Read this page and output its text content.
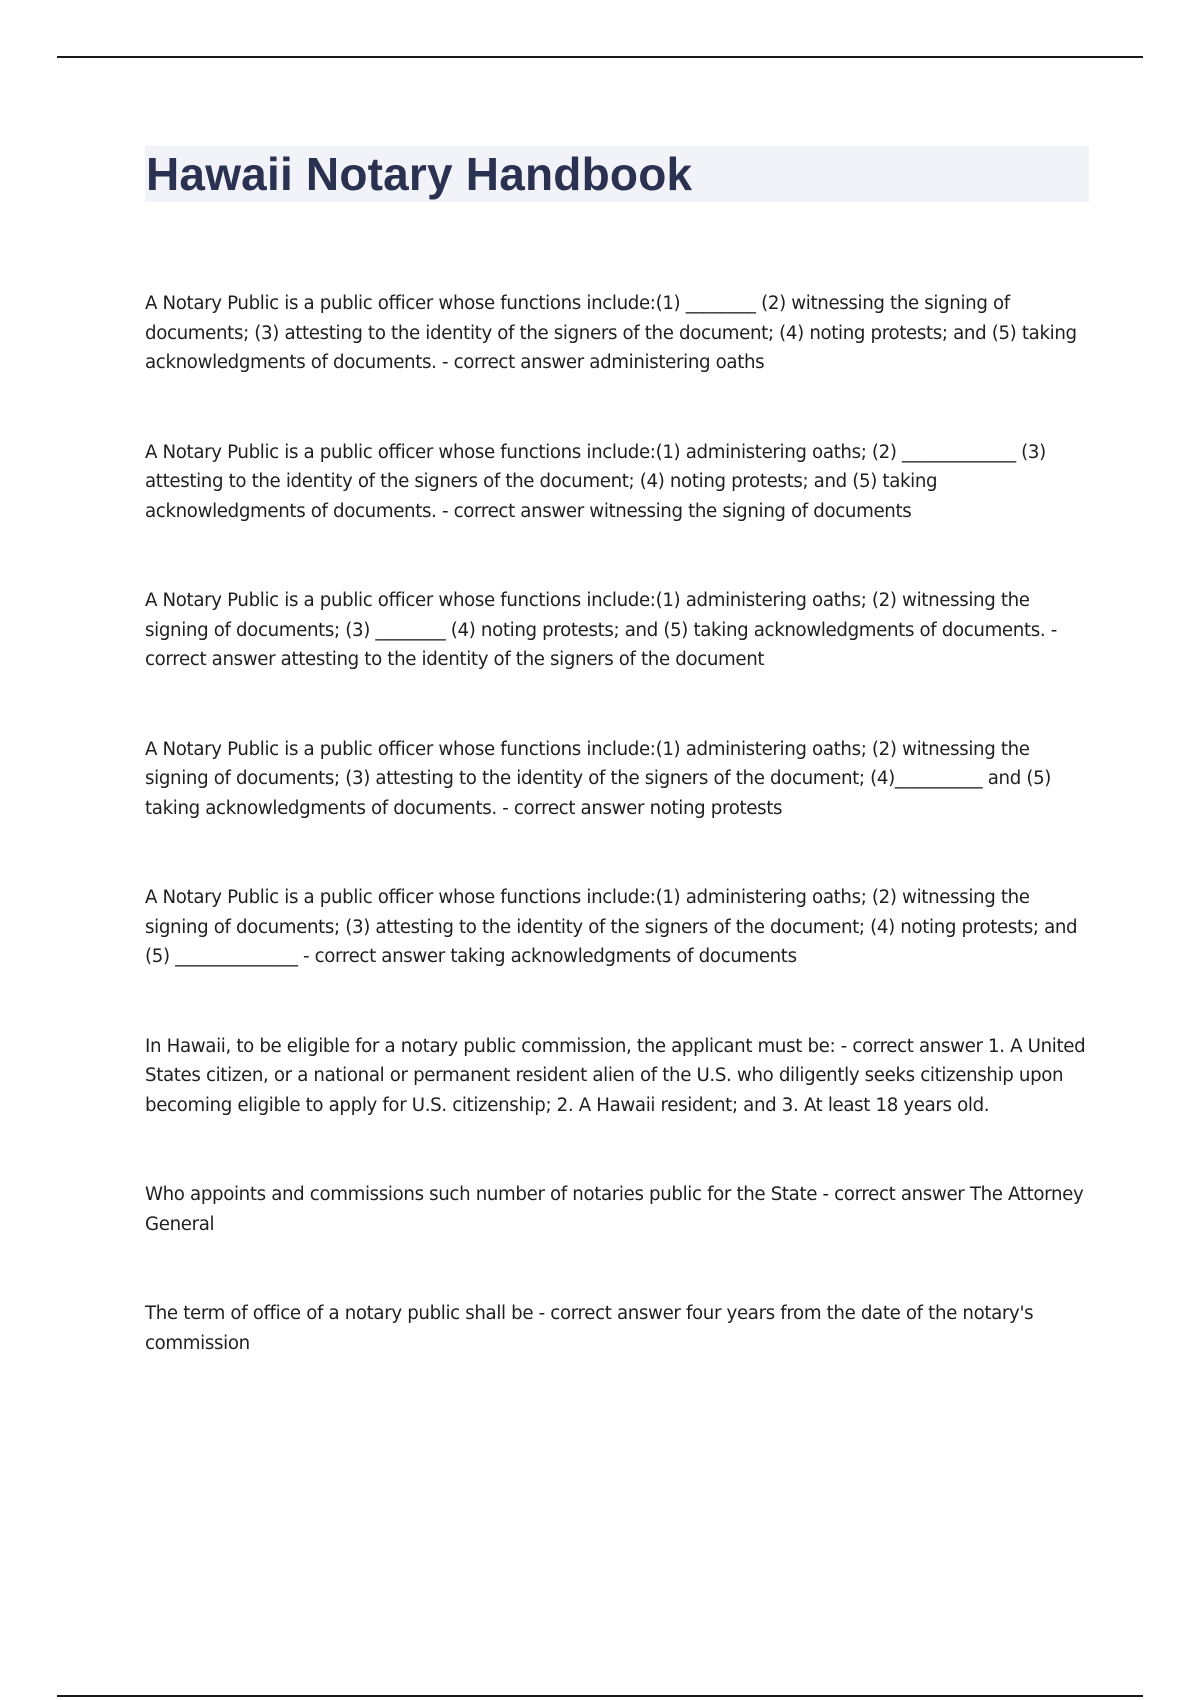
Hawaii Notary Handbook

A Notary Public is a public officer whose functions include:(1) ________ (2) witnessing the signing of documents; (3) attesting to the identity of the signers of the document; (4) noting protests; and (5) taking acknowledgments of documents. - correct answer administering oaths

A Notary Public is a public officer whose functions include:(1) administering oaths; (2) _____________ (3) attesting to the identity of the signers of the document; (4) noting protests; and (5) taking acknowledgments of documents. - correct answer witnessing the signing of documents

A Notary Public is a public officer whose functions include:(1) administering oaths; (2) witnessing the signing of documents; (3) ________ (4) noting protests; and (5) taking acknowledgments of documents. - correct answer attesting to the identity of the signers of the document

A Notary Public is a public officer whose functions include:(1) administering oaths; (2) witnessing the signing of documents; (3) attesting to the identity of the signers of the document; (4)__________ and (5) taking acknowledgments of documents. - correct answer noting protests

A Notary Public is a public officer whose functions include:(1) administering oaths; (2) witnessing the signing of documents; (3) attesting to the identity of the signers of the document; (4) noting protests; and (5) ______________ - correct answer taking acknowledgments of documents

In Hawaii, to be eligible for a notary public commission, the applicant must be: - correct answer 1. A United States citizen, or a national or permanent resident alien of the U.S. who diligently seeks citizenship upon becoming eligible to apply for U.S. citizenship; 2. A Hawaii resident; and 3. At least 18 years old.

Who appoints and commissions such number of notaries public for the State - correct answer The Attorney General

The term of office of a notary public shall be - correct answer four years from the date of the notary's commission
